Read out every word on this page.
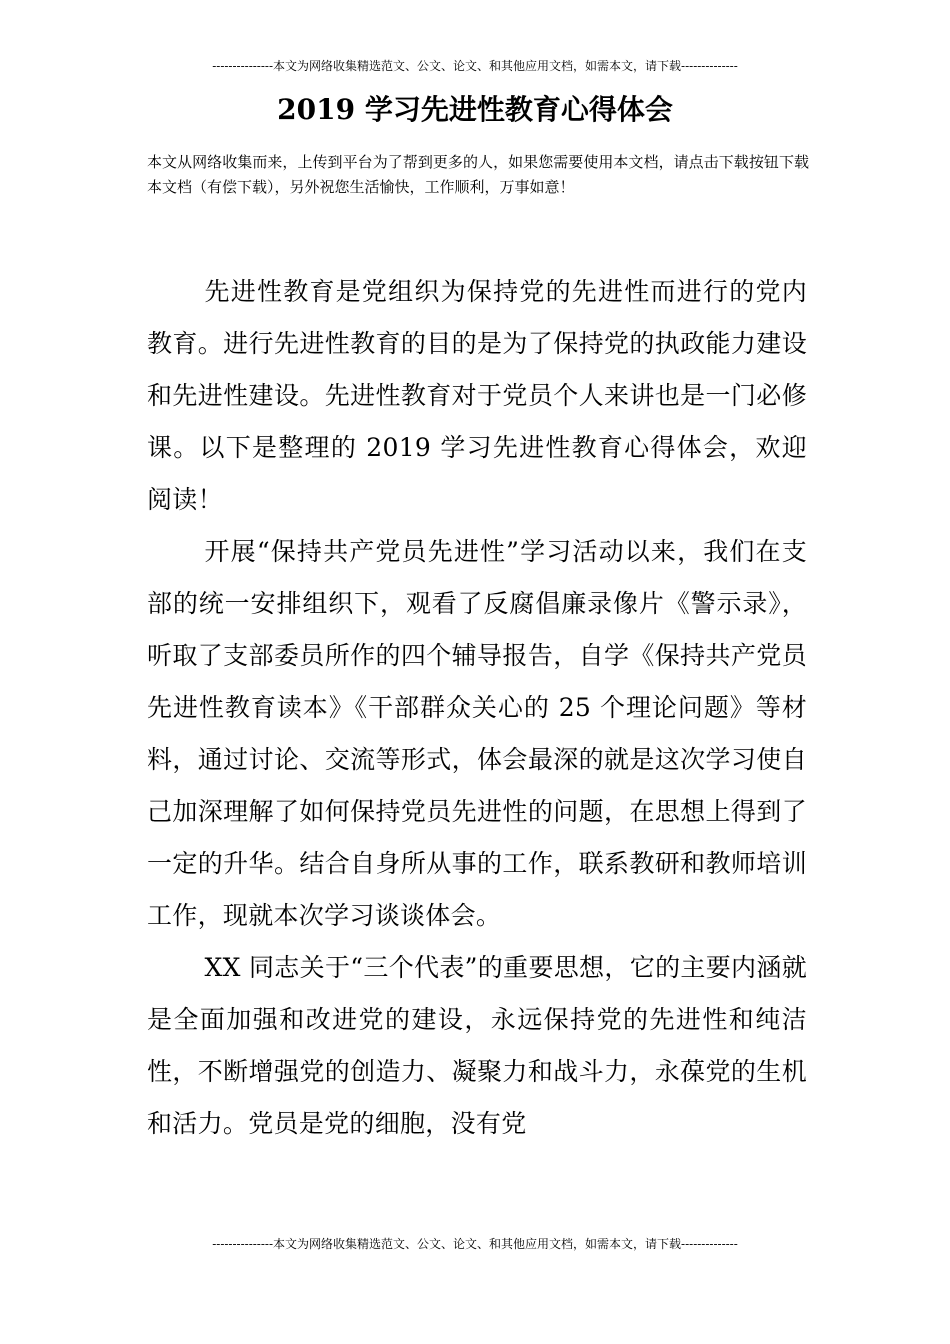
---------------本文为网络收集精选范文、公文、论文、和其他应用文档，如需本文，请下载--------------
2019 学习先进性教育心得体会
本文从网络收集而来，上传到平台为了帮到更多的人，如果您需要使用本文档，请点击下载按钮下载本文档（有偿下载），另外祝您生活愉快，工作顺利，万事如意！

先进性教育是党组织为保持党的先进性而进行的党内教育。进行先进性教育的目的是为了保持党的执政能力建设和先进性建设。先进性教育对于党员个人来讲也是一门必修课。以下是整理的 2019 学习先进性教育心得体会，欢迎阅读！

开展“保持共产党员先进性”学习活动以来，我们在支部的统一安排组织下，观看了反腐倡廉录像片《警示录》，听取了支部委员所作的四个辅导报告，自学《保持共产党员先进性教育读本》《干部群众关心的 25 个理论问题》等材料，通过讨论、交流等形式，体会最深的就是这次学习使自己加深理解了如何保持党员先进性的问题，在思想上得到了一定的升华。结合自身所从事的工作，联系教研和教师培训工作，现就本次学习谈谈体会。

XX 同志关于“三个代表”的重要思想，它的主要内涵就是全面加强和改进党的建设，永远保持党的先进性和纯洁性，不断增强党的创造力、凝聚力和战斗力，永葆党的生机和活力。党员是党的细胞，没有党

---------------本文为网络收集精选范文、公文、论文、和其他应用文档，如需本文，请下载--------------
